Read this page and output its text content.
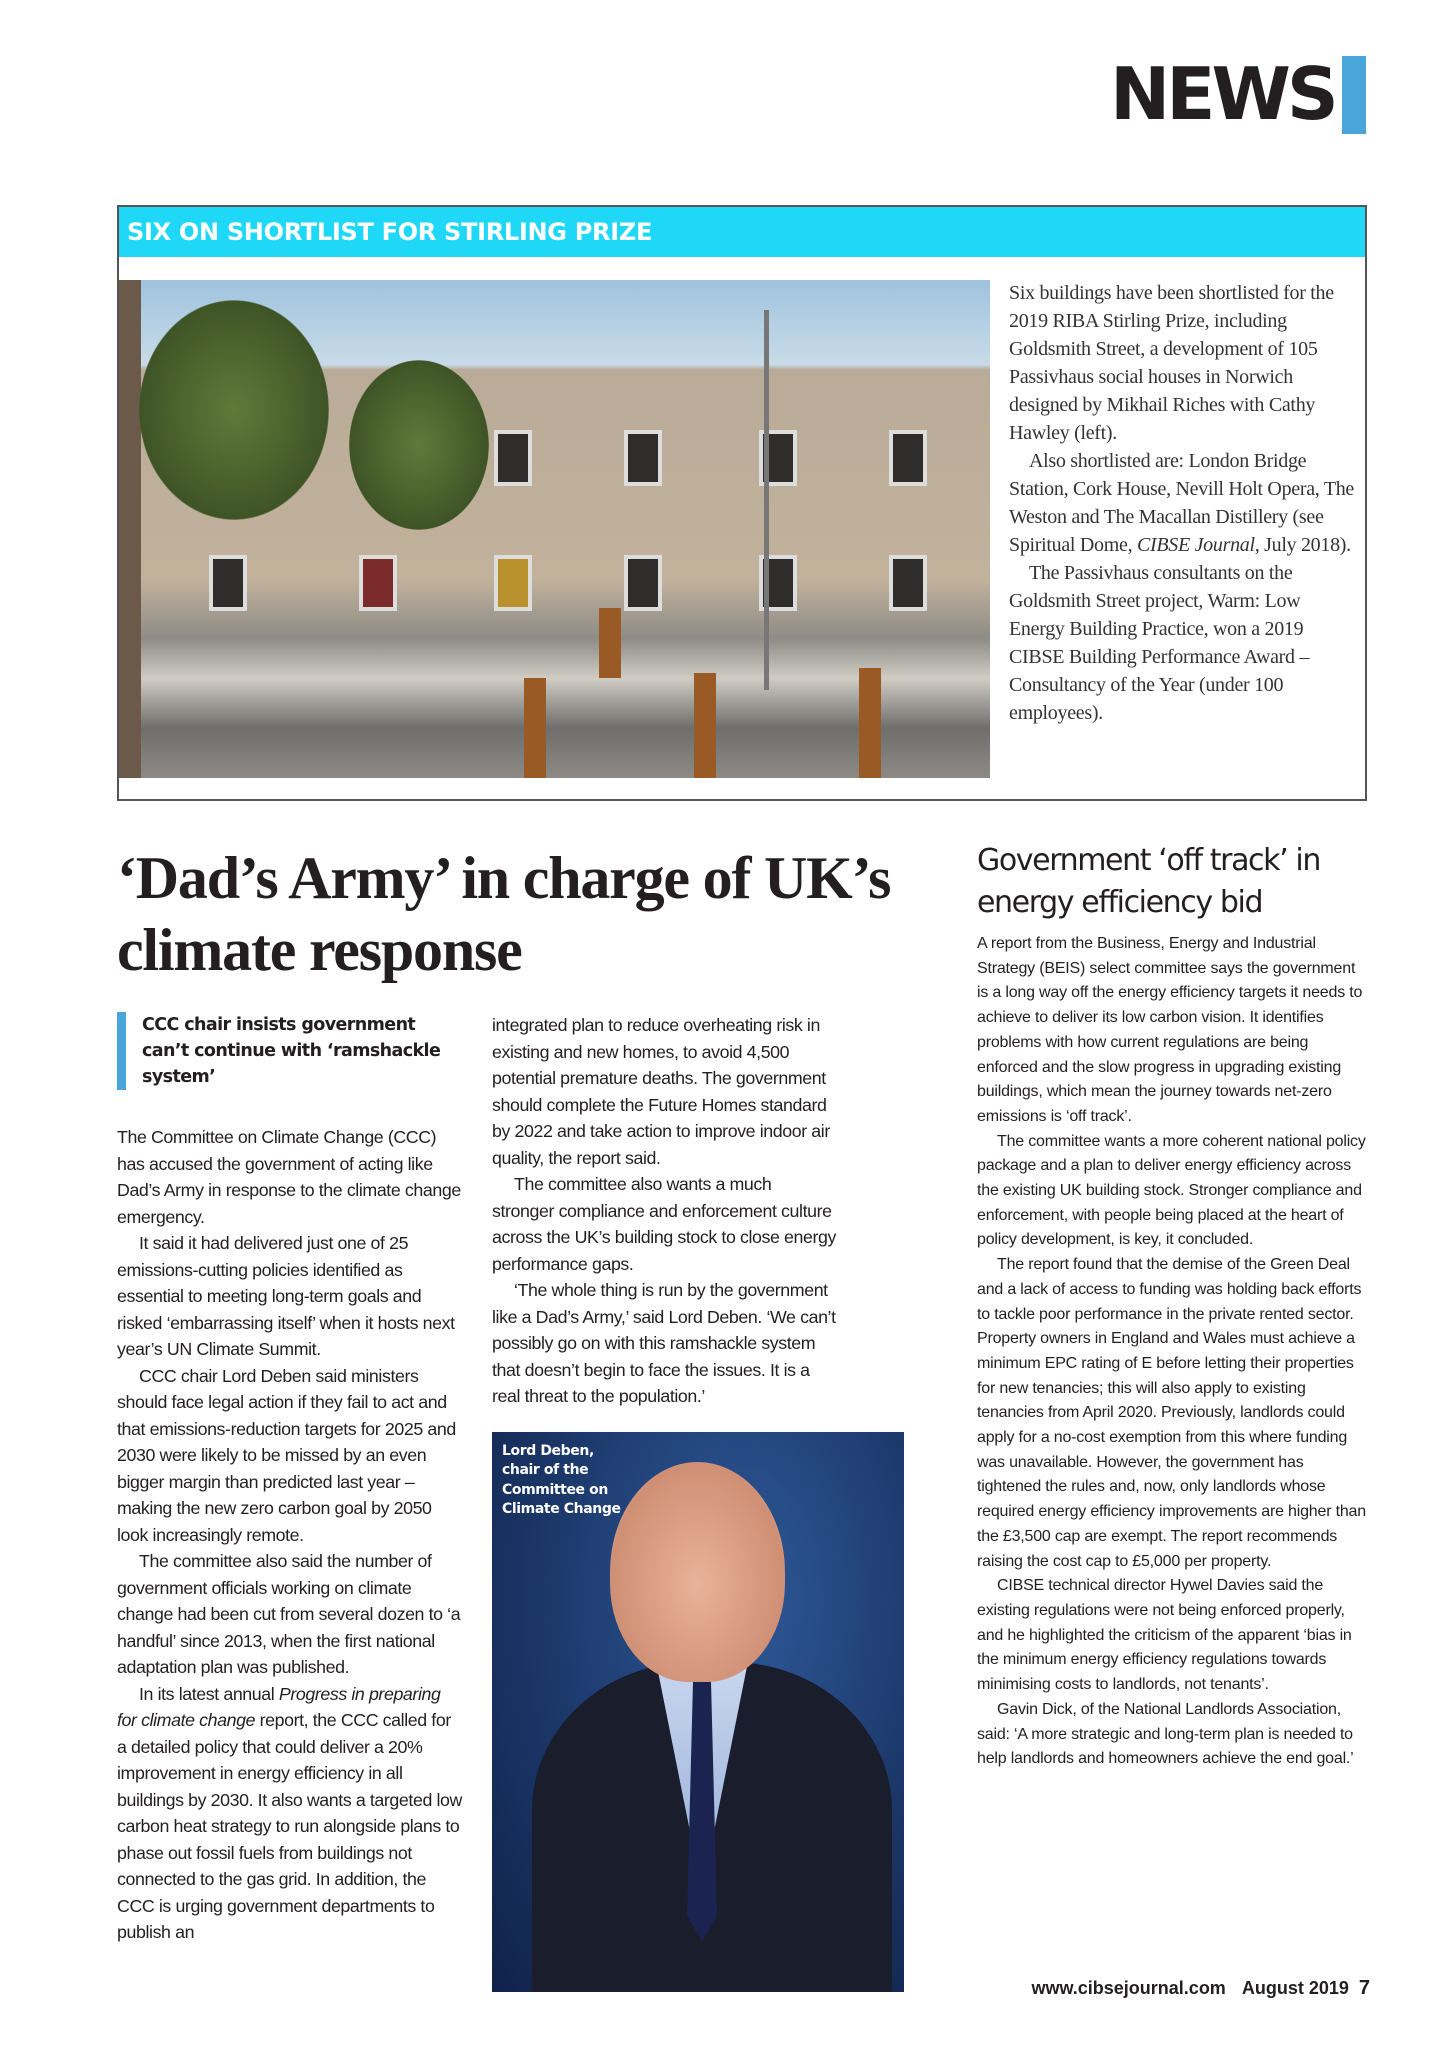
NEWS
SIX ON SHORTLIST FOR STIRLING PRIZE

Six buildings have been shortlisted for the 2019 RIBA Stirling Prize, including Goldsmith Street, a development of 105 Passivhaus social houses in Norwich designed by Mikhail Riches with Cathy Hawley (left).

Also shortlisted are: London Bridge Station, Cork House, Nevill Holt Opera, The Weston and The Macallan Distillery (see Spiritual Dome, CIBSE Journal, July 2018).

The Passivhaus consultants on the Goldsmith Street project, Warm: Low Energy Building Practice, won a 2019 CIBSE Building Performance Award – Consultancy of the Year (under 100 employees).

‘Dad’s Army’ in charge of UK’s climate response
CCC chair insists government can’t continue with ‘ramshackle system’

The Committee on Climate Change (CCC) has accused the government of acting like Dad’s Army in response to the climate change emergency.

It said it had delivered just one of 25 emissions-cutting policies identified as essential to meeting long-term goals and risked ‘embarrassing itself’ when it hosts next year’s UN Climate Summit.

CCC chair Lord Deben said ministers should face legal action if they fail to act and that emissions-reduction targets for 2025 and 2030 were likely to be missed by an even bigger margin than predicted last year – making the new zero carbon goal by 2050 look increasingly remote.

The committee also said the number of government officials working on climate change had been cut from several dozen to ‘a handful’ since 2013, when the first national adaptation plan was published.

In its latest annual Progress in preparing for climate change report, the CCC called for a detailed policy that could deliver a 20% improvement in energy efficiency in all buildings by 2030. It also wants a targeted low carbon heat strategy to run alongside plans to phase out fossil fuels from buildings not connected to the gas grid. In addition, the CCC is urging government departments to publish an

integrated plan to reduce overheating risk in existing and new homes, to avoid 4,500 potential premature deaths. The government should complete the Future Homes standard by 2022 and take action to improve indoor air quality, the report said.

The committee also wants a much stronger compliance and enforcement culture across the UK’s building stock to close energy performance gaps.

‘The whole thing is run by the government like a Dad’s Army,’ said Lord Deben. ‘We can’t possibly go on with this ramshackle system that doesn’t begin to face the issues. It is a real threat to the population.’

Lord Deben, chair of the Committee on Climate Change
Government ‘off track’ in energy efficiency bid

A report from the Business, Energy and Industrial Strategy (BEIS) select committee says the government is a long way off the energy efficiency targets it needs to achieve to deliver its low carbon vision. It identifies problems with how current regulations are being enforced and the slow progress in upgrading existing buildings, which mean the journey towards net-zero emissions is ‘off track’.

The committee wants a more coherent national policy package and a plan to deliver energy efficiency across the existing UK building stock. Stronger compliance and enforcement, with people being placed at the heart of policy development, is key, it concluded.

The report found that the demise of the Green Deal and a lack of access to funding was holding back efforts to tackle poor performance in the private rented sector. Property owners in England and Wales must achieve a minimum EPC rating of E before letting their properties for new tenancies; this will also apply to existing tenancies from April 2020. Previously, landlords could apply for a no-cost exemption from this where funding was unavailable. However, the government has tightened the rules and, now, only landlords whose required energy efficiency improvements are higher than the £3,500 cap are exempt. The report recommends raising the cost cap to £5,000 per property.

CIBSE technical director Hywel Davies said the existing regulations were not being enforced properly, and he highlighted the criticism of the apparent ‘bias in the minimum energy efficiency regulations towards minimising costs to landlords, not tenants’.

Gavin Dick, of the National Landlords Association, said: ‘A more strategic and long-term plan is needed to help landlords and homeowners achieve the end goal.’

www.cibsejournal.com August 2019 7
